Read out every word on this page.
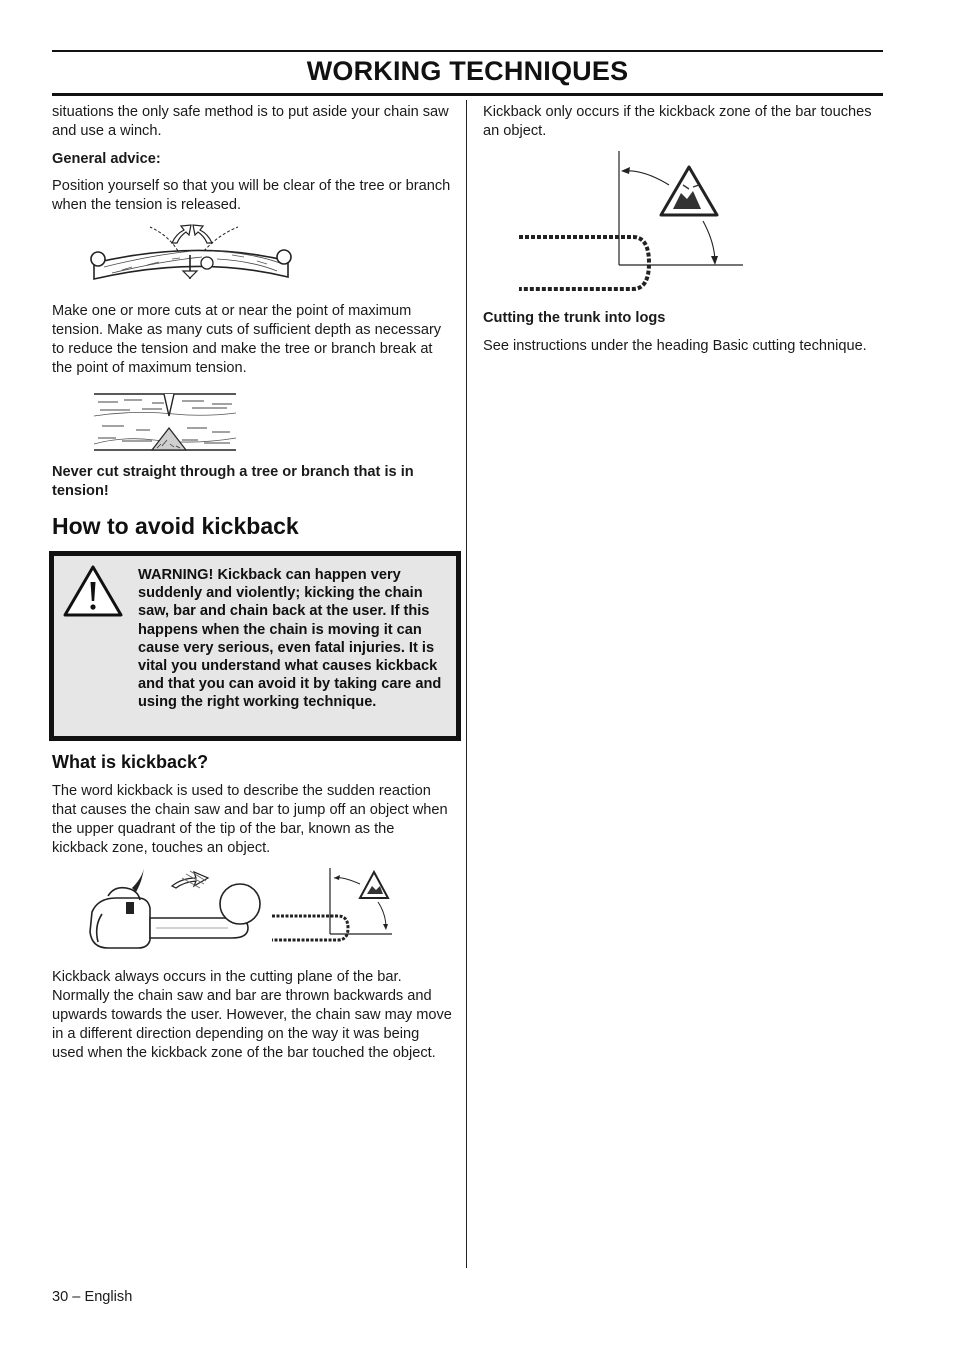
WORKING TECHNIQUES

situations the only safe method is to put aside your chain saw and use a winch.

General advice:

Position yourself so that you will be clear of the tree or branch when the tension is released.

Make one or more cuts at or near the point of maximum tension. Make as many cuts of sufficient depth as necessary to reduce the tension and make the tree or branch break at the point of maximum tension.

Never cut straight through a tree or branch that is in tension!
How to avoid kickback
WARNING! Kickback can happen very suddenly and violently; kicking the chain saw, bar and chain back at the user. If this happens when the chain is moving it can cause very serious, even fatal injuries. It is vital you understand what causes kickback and that you can avoid it by taking care and using the right working technique.
What is kickback?

The word kickback is used to describe the sudden reaction that causes the chain saw and bar to jump off an object when the upper quadrant of the tip of the bar, known as the kickback zone, touches an object.

Kickback always occurs in the cutting plane of the bar. Normally the chain saw and bar are thrown backwards and upwards towards the user. However, the chain saw may move in a different direction depending on the way it was being used when the kickback zone of the bar touched the object.

Kickback only occurs if the kickback zone of the bar touches an object.

Cutting the trunk into logs

See instructions under the heading Basic cutting technique.

30 – English
